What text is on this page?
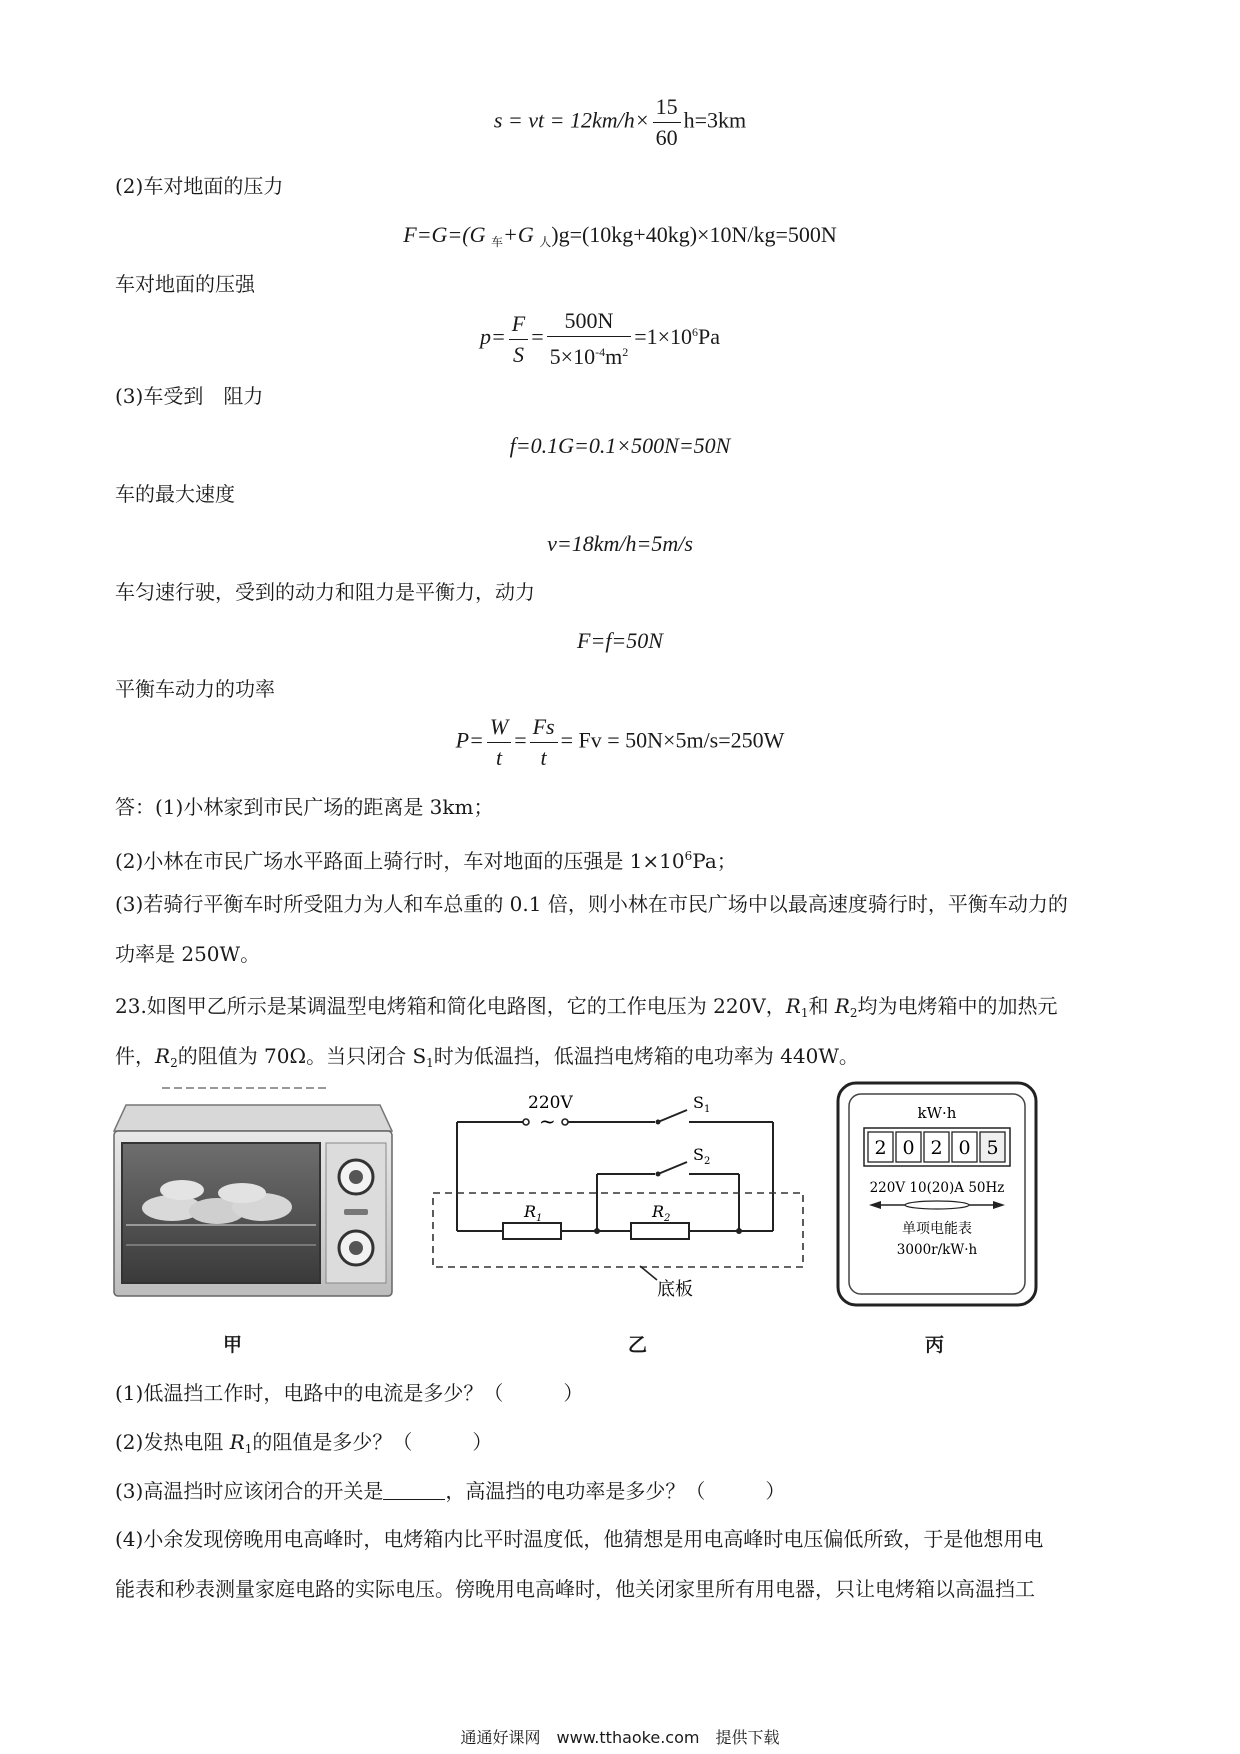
s = vt = $12km/h\times \frac{15}{60} h=3km$
(2)车对地面的压力
F=G=(G $_车$+G $_人$)g=(10kg+40kg)×10N/kg=500N
车对地面的压强
$p= \frac{F}{S} = \frac{500N}{5\times 10^{-4}m^2} =1\times 10^6Pa$
(3)车受到　阻力
f=0.1G=0.1×500N=50N
车的最大速度
v=18km/h=5m/s
车匀速行驶，受到的动力和阻力是平衡力，动力
F=f=50N
平衡车动力的功率
$P= \frac{W}{t} = \frac{Fs}{t} = Fv = 50N\times 5m/s=250W$
答：(1)小林家到市民广场的距离是 3km；
(2)小林在市民广场水平路面上骑行时，车对地面的压强是 $1\times 10^6Pa$；
(3)若骑行平衡车时所受阻力为人和车总重的 0.1 倍，则小林在市民广场中以最高速度骑行时，平衡车动力的
功率是 250W。
23.如图甲乙所示是某调温型电烤箱和简化电路图，它的工作电压为 220V，$R_1$和 $R_2$均为电烤箱中的加热元
件，$R_2$的阻值为 70Ω。当只闭合 $S_1$时为低温挡，低温挡电烤箱的电功率为 440W。
甲
~
220V	$S_1$
$S_2$
$R_1$	$R_2$
底板
乙
kW·h
2 0 2 0 5
220V 10(20)A 50Hz
单项电能表
3000r/kW·h
丙
(1)低温挡工作时，电路中的电流是多少？（　　　）
(2)发热电阻 $R_1$的阻值是多少？（　　　）
(3)高温挡时应该闭合的开关是	，高温挡的电功率是多少？（　　　）
(4)小余发现傍晚用电高峰时，电烤箱内比平时温度低，他猜想是用电高峰时电压偏低所致，于是他想用电
能表和秒表测量家庭电路的实际电压。傍晚用电高峰时，他关闭家里所有用电器，只让电烤箱以高温挡工
通通好课网　www.tthaoke.com　提供下载
